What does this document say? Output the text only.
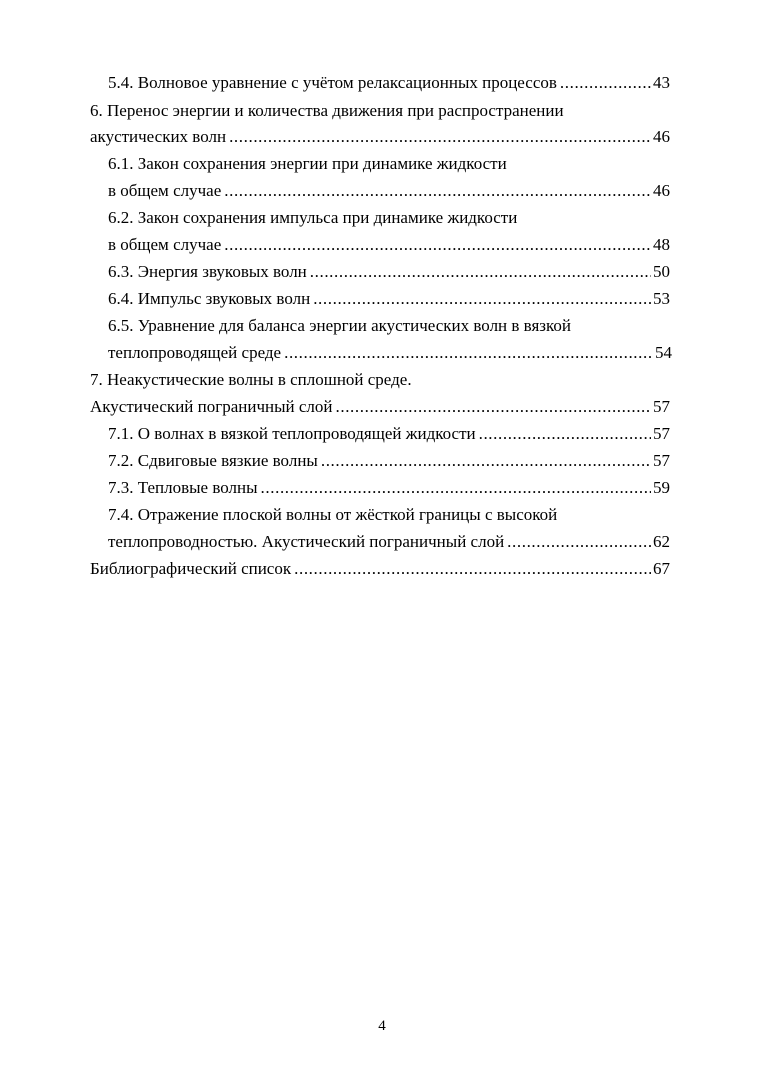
5.4. Волновое уравнение с учётом релаксационных процессов .....	43
6. Перенос энергии и количества движения при распространении
акустических волн .....	46
6.1. Закон сохранения энергии при динамике жидкости
в общем случае .....	46
6.2. Закон сохранения импульса при динамике жидкости
в общем случае .....	48
6.3. Энергия звуковых волн .....	50
6.4. Импульс звуковых волн .....	53
6.5. Уравнение для баланса энергии акустических волн в вязкой
теплопроводящей среде .....	54
7. Неакустические волны в сплошной среде.
Акустический пограничный слой .....	57
7.1. О волнах в вязкой теплопроводящей жидкости .....	57
7.2. Сдвиговые вязкие волны .....	57
7.3. Тепловые волны .....	59
7.4. Отражение плоской волны от жёсткой границы с высокой
теплопроводностью. Акустический пограничный слой .....	62
Библиографический список .....	67
4
